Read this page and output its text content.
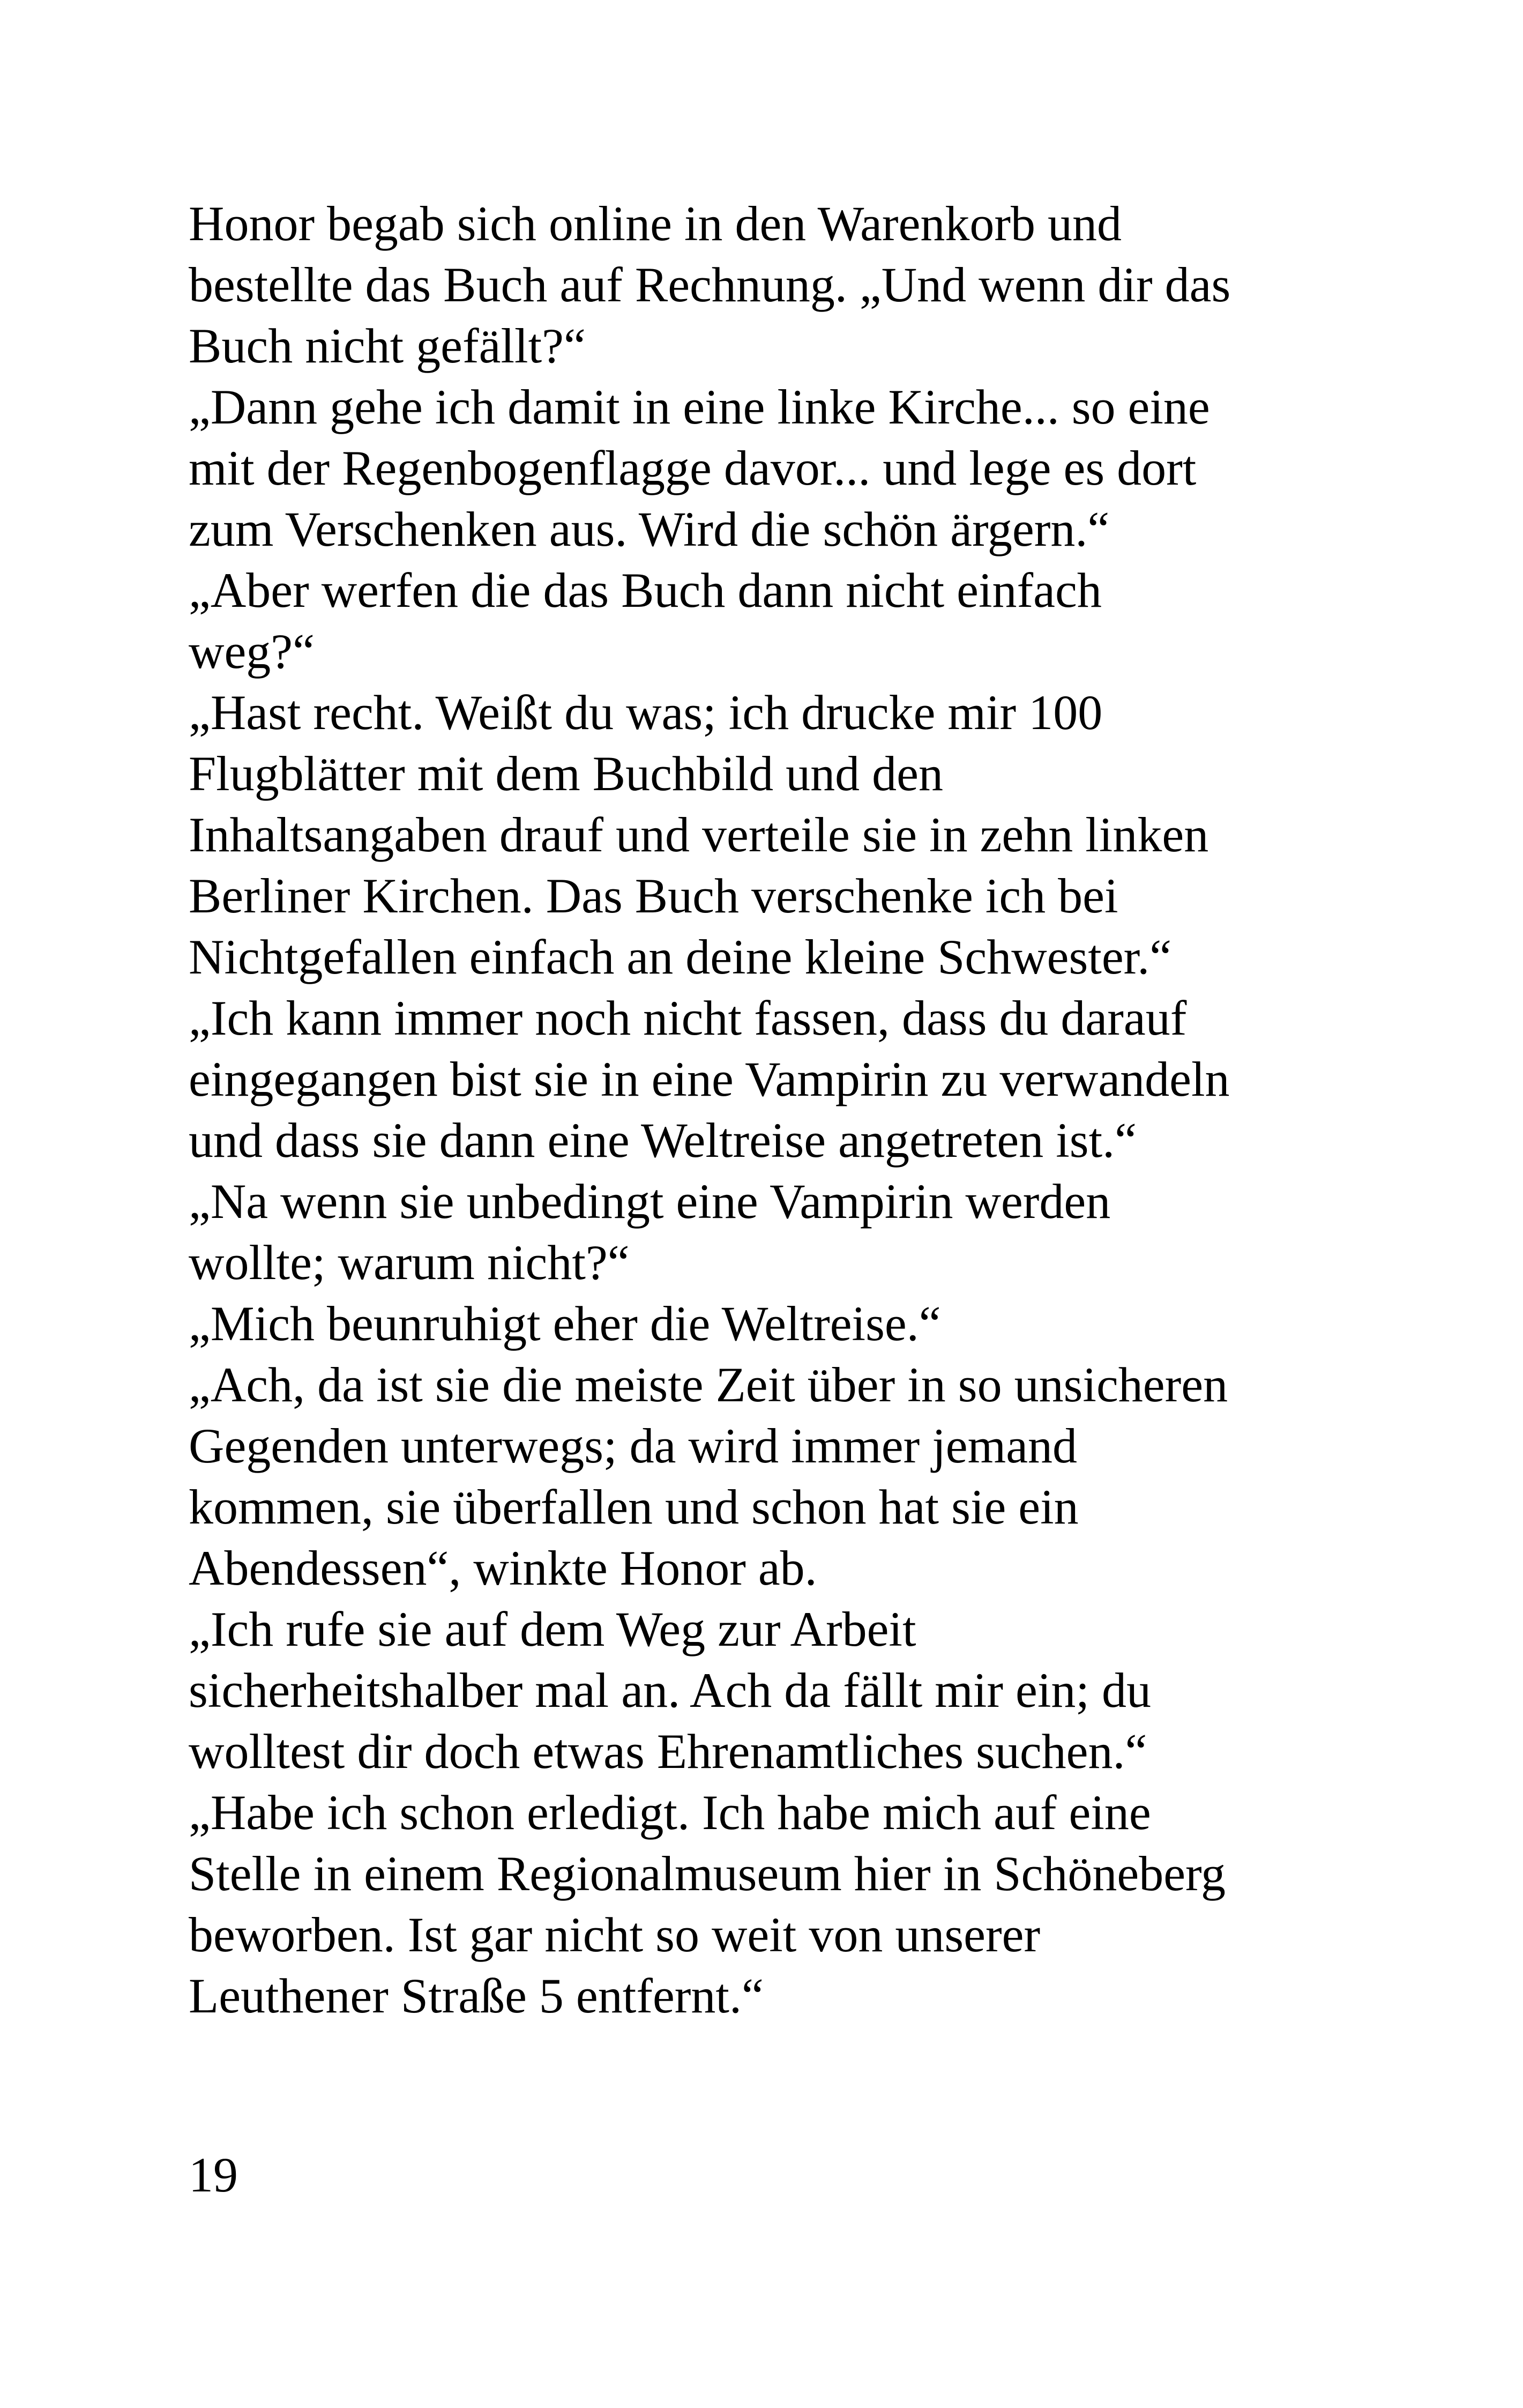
Honor begab sich online in den Warenkorb und
bestellte das Buch auf Rechnung. „Und wenn dir das
Buch nicht gefällt?“
„Dann gehe ich damit in eine linke Kirche... so eine
mit der Regenbogenflagge davor... und lege es dort
zum Verschenken aus. Wird die schön ärgern.“
„Aber werfen die das Buch dann nicht einfach
weg?“
„Hast recht. Weißt du was; ich drucke mir 100
Flugblätter mit dem Buchbild und den
Inhaltsangaben drauf und verteile sie in zehn linken
Berliner Kirchen. Das Buch verschenke ich bei
Nichtgefallen einfach an deine kleine Schwester.“
„Ich kann immer noch nicht fassen, dass du darauf
eingegangen bist sie in eine Vampirin zu verwandeln
und dass sie dann eine Weltreise angetreten ist.“
„Na wenn sie unbedingt eine Vampirin werden
wollte; warum nicht?“
„Mich beunruhigt eher die Weltreise.“
„Ach, da ist sie die meiste Zeit über in so unsicheren
Gegenden unterwegs; da wird immer jemand
kommen, sie überfallen und schon hat sie ein
Abendessen“, winkte Honor ab.
„Ich rufe sie auf dem Weg zur Arbeit
sicherheitshalber mal an. Ach da fällt mir ein; du
wolltest dir doch etwas Ehrenamtliches suchen.“
„Habe ich schon erledigt. Ich habe mich auf eine
Stelle in einem Regionalmuseum hier in Schöneberg
beworben. Ist gar nicht so weit von unserer
Leuthener Straße 5 entfernt.“
19
